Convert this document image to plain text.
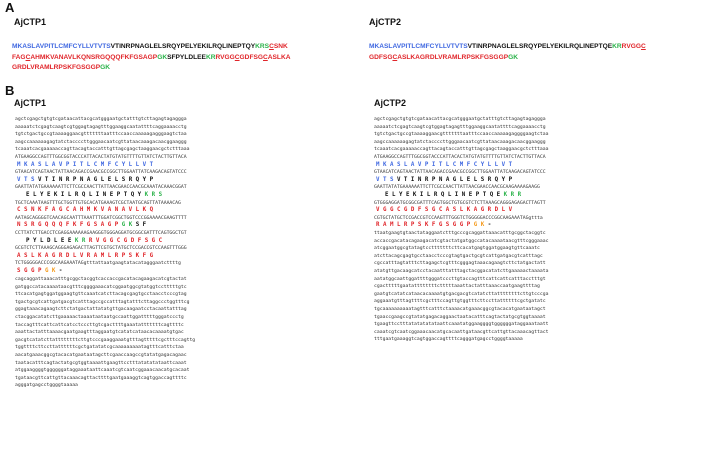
A
AjCTP1	AjCTP2
MKASLAVPITLCMFCYLLVTVTSVTINRPNAGLELSRQYPELYEKILRQLINEPTQYKRSCSNK
FAGCAHMKVANAVLKQNSRGQQQFKFGSAGPGKSFPYLDLEEKRRVGGCGDFSGCASLKA
GRDLVRAMLRPSKFGSGGPGK
MKASLAVPITLCMFCYLLVTVTSVTINRPNAGLELSRQYPELYEKILRQLINEPTQEKRRVGGC
GDFSGCASLKAGRDLVRAMLRPSKFGSGGPGK
B
AjCTP1	AjCTP2
agctcgagctgtgtcgataacattacgcatgggaatgctatttgtcttagagtagaggga
aaaaatctcgagtcaagtcgtggagtagagtttggaaggcaatattttcaggaaaacctg
tgtctgactgccgtaaaaggaacgtttttttaatttccaaccaaaaagagggaagtctaa
aagccaaaaaagagtatctaccccttgggaacaatcgttataacaaagacaacggaaggg
tcaaatcacgaaaaaccagttacagtaccatttgttagcgagctaaggaacgctctttaaa
ATGAAGGCCAGTTTGGCGGTACCCATTACACTATGTATGTTTTGTTATCTACTTGTTACA
M K A S L A V P I T L C M F C Y L L V T
GTAACATCAGTAACTATTAACAGACCGAACGCCGGCTTGGAATTATCAAGACAGTATCCC
V T S V T I N R P N A G L E L S R Q Y P
GAATTATATGAAAAAATTCTTCGCCAACTTATTAACGAACCAACGCAAATACAAACGGAT
E L Y E K I L R Q L I N E P T Q Y K R S
TGCTCAAATAAGTTTGCTGGTTGTGCACATGAAAGTCGCTAATGCAGTTATAAAACAG
C S N K F A G C A H M K V A N A V L K Q
AATAGCAGGGGTCAACAGCAATTTAAATTTGGATCGGCTGGTCCCGGAAAACGAAGTTTT
N S R G Q Q Q F K F G S A G P G K S F
CCTTATCTTGACCTCGAGGAAAAAAGAAGGGTGGGAGGATGCGGCGATTTCAGTGGCTGT
P Y L D L E E K R R V G G C G D F S G C
GCGTCTCTTAAAGCAGGGAGAGACTTAGTTCGTGCTATGCTCCGACCGTCCAAGTTTGGG
A S L K A G R D L V R A M L R P S K F G
TCTGGGGGACCCGGCAAGAAATAGgtttattaatgaagtatacatagggaatcttttg
S G G P G K -
cagcaggattaaacatttgcggctacggtcaccaccgacatacagaagacatcgtactat
gatggccatacaaaataacgtttcggggaaacatcggaatggcgtatggtcctttttgtc
ttcacatgagtggatggaagtgttcaaatcatcttacagcgagtgcctaacctcccgtag
tgactgcgtcattgatgacgtcatttagccgccatttagtatttcttaggccctggtttcg
ggagtaaacagaagtcttctatgactattatatgttgacaagaatcctacaattatttag
ctacggacatatcttgaaaaactaaaataataatgccaattggatttttgggatccctg
taccagtttcattcattcatcctcccttgtcgacttttgaaatatttttttcagttttc
aaattactatttaaaacgaatgaagtttaggaatgtcatatcataacacaaaatgtgac
gacgtcatatcttattttttttcttgtcccgaaggaaatgtttagtttttcgctttccagttg
tggttttcttccttattttttcgctgatatatcgcaaaaaaaaatagtttcatttctaa
aacatgaaacggcgtacacatgaataatagcttcgaaccaagccgtatatgagacagaac
taatacatttcagtactatgcgtggtaaaattgaagttcctttatatatataattcaaat
atggaaggggtggggggataggaaataattcaaatcgtcaatcggaaacaacatgcacaat
tgataacgttcattgttacaaacagttacttttgaatgaaaggtcagtggaccagttttc
agggatgagcctggggtaaaaa
agctcgagctgtgtcgataacattacgcatgggaatgctatttgtcttagagtagaggga
aaaaatctcgagtcaagtcgtggagtagagtttggaaggcaatattttcaggaaaacctg
tgtctgactgccgtaaaaggaacgtttttttaatttccaaccaaaaagaggggaagtctaa
aagccaaaaaagagtatctaccccttgggaacaatcgttataacaaagacaacggaaggg
tcaaatcacgaaaaaccagttacagtaccatttgttagcgagctaaggaacgctctttaaa
ATGAAGGCCAGTTTGGCGGTACCCATTACACTATGTATGTTTTGTTATCTACTTGTTACA
M K A S L A V P I T L C M F C Y L L V T
GTAACATCAGTAACTATTAACAGACCGAACGCCGGCTTGGAATTATCAAGACAGTATCCC
V T S V T I N R P N A G L E L S R Q Y P
GAATTATATGAAAAAATTCTTCGCCAACTTATTAACGAACCAACGCAAGAAAAGAAGG
E L Y E K I L R Q L I N E P T Q E K R R
GTGGGAGGATGCGGCGATTTCAGTGGCTGTGCGTCTCTTAAAGCAGGGAGAGACTTAGTT
V G G C G D F S G C A S L K A G R D L V
CGTGCTATGCTCCGACCGTCCAAGTTTGGGTCTGGGGGACCCGGCAAGAAATAGgttta
R A M L R P S K F G S G G P G K -
ttaatgaagtgtaactataggaatctttgcccgcaggattaaacatttgcggctacggtc
accaccgacatacagaagacatcgtactatgatggccatacaaaataacgtttcgggaaac
atcggaatggcgtatagtcctttttttcttcacatgagtggatggaagtgttcaaatc
atcttacagcgagtgcctaacctcccgtagtgactgcgtcattgatgacgtcatttagc
cgccatttagtatttcttagagctcgtttcgggagtaaacagaagtcttctatgactatt
atatgttgacaagcatcctacaatttatttagctacggacatatcttgaaaaactaaaata
aatatggcaattggattttgggatcccttgtaccagtttcattcattcatttacctttgt
cgactttttgaatattttttttctttttaaattactatttaaaccaatgaagttttag
gaatgtcatatcataacacaaaatgtgacgacgtcatatcttattttttttcttgtcccga
aggaaatgtttagttttcgctttccagttgtggtttcttccttattttttcgctgatatc
tgcaaaaaaaaaatagtttcatttctaaaacatgaaacggcgtacacatgaataatagct
tgaaccgaagccgtatatgagacaggaactaatacatttcagtactatgcgtggtaaaat
tgaagttcctttatatatatataattcaaatatggaaggggtggggggataggaaataatt
caaatcgtcaatcggaaacaacatgcacaattgataacgttcattgttacaaacagttact
tttgaatgaaaggtcagtggaccagttttcagggatgagcctggggtaaaaa
